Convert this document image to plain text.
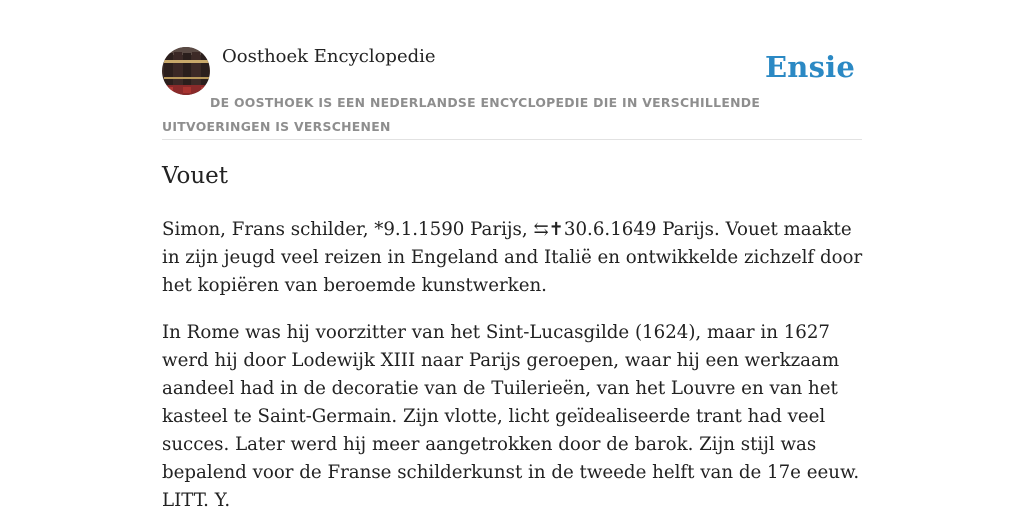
Oosthoek Encyclopedie	Ensie
DE OOSTHOEK IS EEN NEDERLANDSE ENCYCLOPEDIE DIE IN VERSCHILLENDE UITVOERINGEN IS VERSCHENEN
Vouet

Simon, Frans schilder, *9.1.1590 Parijs, ⇆✝30.6.1649 Parijs. Vouet maakte in zijn jeugd veel reizen in Engeland and Italië en ontwikkelde zichzelf door het kopiëren van beroemde kunstwerken.

In Rome was hij voorzitter van het Sint-Lucasgilde (1624), maar in 1627 werd hij door Lodewijk XIII naar Parijs geroepen, waar hij een werkzaam aandeel had in de decoratie van de Tuilerieën, van het Louvre en van het kasteel te Saint-Germain. Zijn vlotte, licht geïdealiseerde trant had veel succes. Later werd hij meer aangetrokken door de barok. Zijn stijl was bepalend voor de Franse schilderkunst in de tweede helft van de 17e eeuw. LITT. Y.
